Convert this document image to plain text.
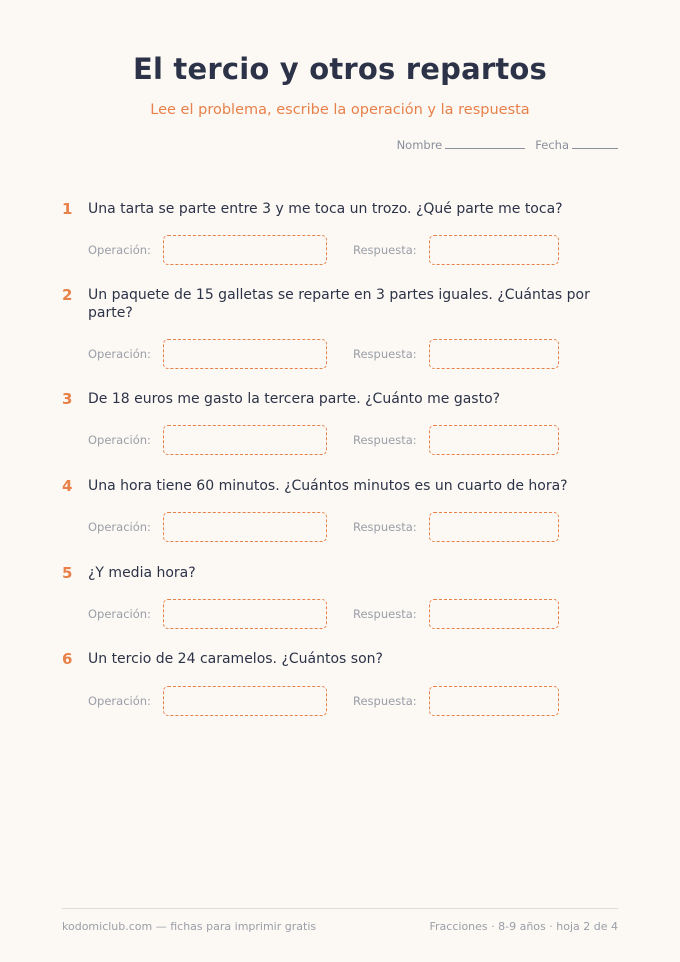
El tercio y otros repartos
Lee el problema, escribe la operación y la respuesta
Nombre	Fecha
1 Una tarta se parte entre 3 y me toca un trozo. ¿Qué parte me toca?
Operación:	Respuesta:
2 Un paquete de 15 galletas se reparte en 3 partes iguales. ¿Cuántas por parte?
Operación:	Respuesta:
3 De 18 euros me gasto la tercera parte. ¿Cuánto me gasto?
Operación:	Respuesta:
4 Una hora tiene 60 minutos. ¿Cuántos minutos es un cuarto de hora?
Operación:	Respuesta:
5 ¿Y media hora?
Operación:	Respuesta:
6 Un tercio de 24 caramelos. ¿Cuántos son?
Operación:	Respuesta:
kodomiclub.com — fichas para imprimir gratis	Fracciones · 8-9 años · hoja 2 de 4
